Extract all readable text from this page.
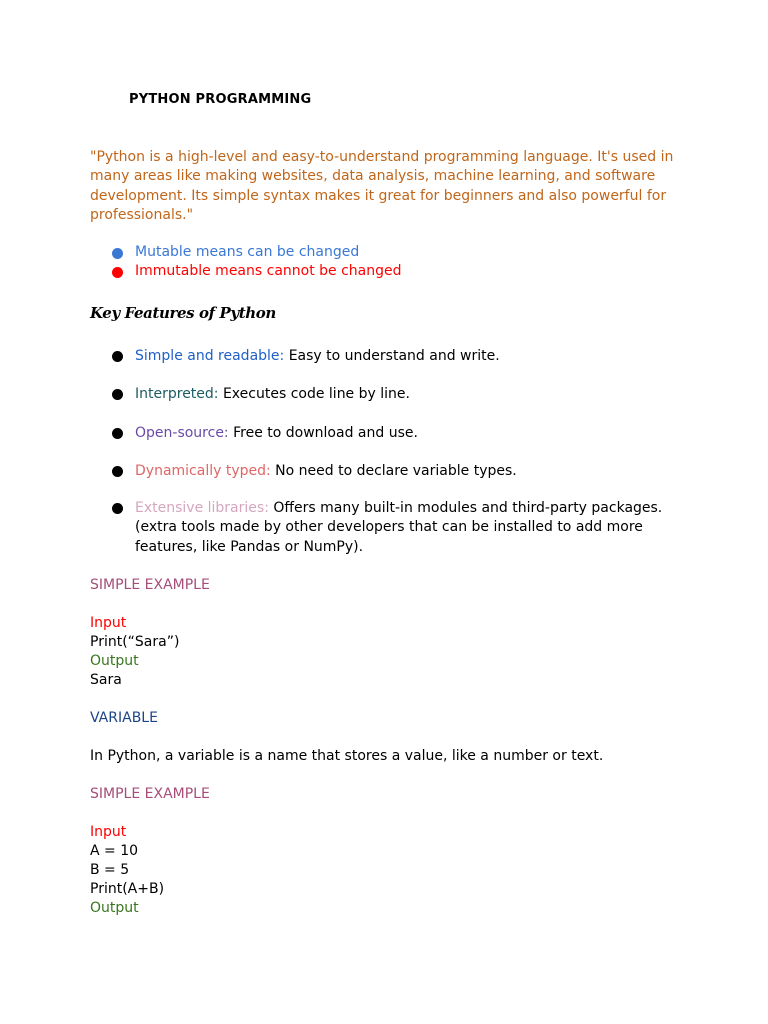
PYTHON PROGRAMMING

"Python is a high-level and easy-to-understand programming language. It's used in many areas like making websites, data analysis, machine learning, and software development. Its simple syntax makes it great for beginners and also powerful for professionals."

Mutable means can be changed
Immutable means cannot be changed
Key Features of Python
Simple and readable: Easy to understand and write.
Interpreted: Executes code line by line.
Open-source: Free to download and use.
Dynamically typed: No need to declare variable types.
Extensive libraries: Offers many built-in modules and third-party packages. (extra tools made by other developers that can be installed to add more features, like Pandas or NumPy).

SIMPLE EXAMPLE

Input

Print(“Sara”)

Output

Sara

VARIABLE

In Python, a variable is a name that stores a value, like a number or text.

SIMPLE EXAMPLE

Input

A = 10

B = 5

Print(A+B)

Output
